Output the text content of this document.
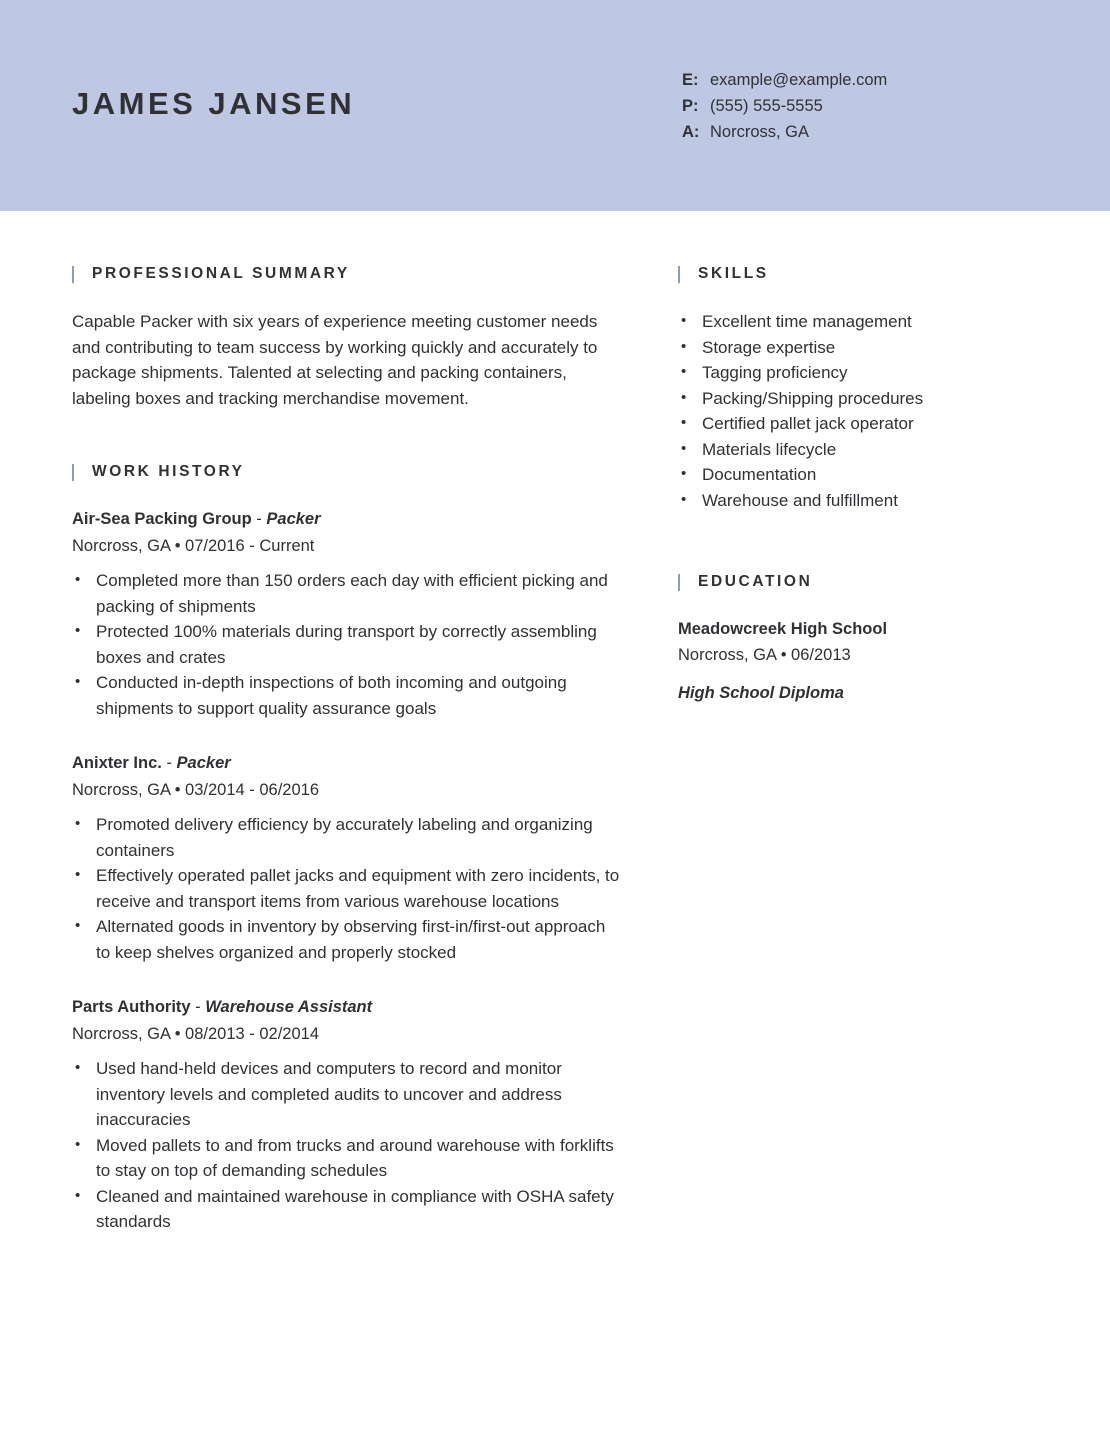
JAMES JANSEN
E: example@example.com
P: (555) 555-5555
A: Norcross, GA
PROFESSIONAL SUMMARY

Capable Packer with six years of experience meeting customer needs and contributing to team success by working quickly and accurately to package shipments. Talented at selecting and packing containers, labeling boxes and tracking merchandise movement.

WORK HISTORY
Air-Sea Packing Group - Packer
Norcross, GA • 07/2016 - Current
• Completed more than 150 orders each day with efficient picking and packing of shipments
• Protected 100% materials during transport by correctly assembling boxes and crates
• Conducted in-depth inspections of both incoming and outgoing shipments to support quality assurance goals
Anixter Inc. - Packer
Norcross, GA • 03/2014 - 06/2016
• Promoted delivery efficiency by accurately labeling and organizing containers
• Effectively operated pallet jacks and equipment with zero incidents, to receive and transport items from various warehouse locations
• Alternated goods in inventory by observing first-in/first-out approach to keep shelves organized and properly stocked
Parts Authority - Warehouse Assistant
Norcross, GA • 08/2013 - 02/2014
• Used hand-held devices and computers to record and monitor inventory levels and completed audits to uncover and address inaccuracies
• Moved pallets to and from trucks and around warehouse with forklifts to stay on top of demanding schedules
• Cleaned and maintained warehouse in compliance with OSHA safety standards
SKILLS
• Excellent time management
• Storage expertise
• Tagging proficiency
• Packing/Shipping procedures
• Certified pallet jack operator
• Materials lifecycle
• Documentation
• Warehouse and fulfillment
EDUCATION
Meadowcreek High School
Norcross, GA • 06/2013
High School Diploma
